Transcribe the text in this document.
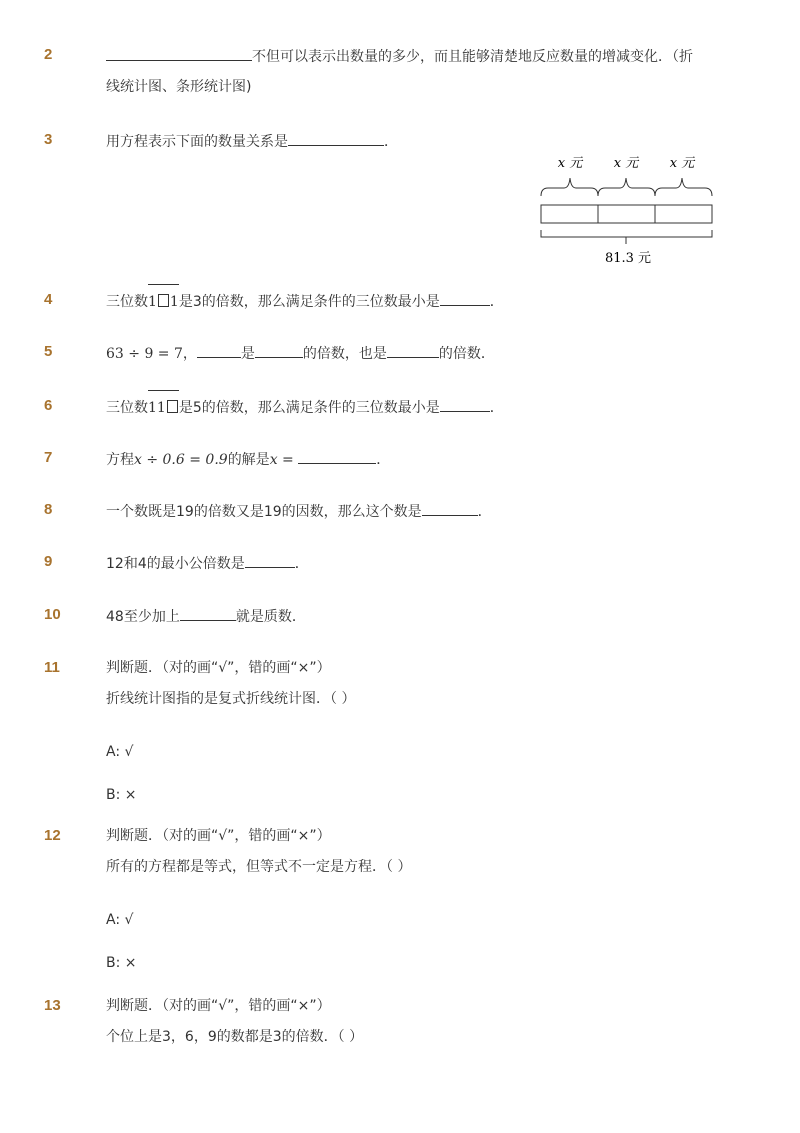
2	不但可以表示出数量的多少，而且能够清楚地反应数量的增减变化．（折
线统计图、条形统计图)
3	用方程表示下面的数量关系是	．
x 元 x 元 x 元
81.3 元
4	三位数1 1是3的倍数，那么满足条件的三位数最小是	．
5	63 ÷ 9 = 7，	是	的倍数，也是	的倍数．
6	三位数11 是5的倍数，那么满足条件的三位数最小是	．
7	方程x ÷ 0.6 = 0.9的解是x =	．
8	一个数既是19的倍数又是19的因数，那么这个数是	．
9	12和4的最小公倍数是	．
10	48至少加上	就是质数．
11	判断题．（对的画“√”，错的画“×”）
折线统计图指的是复式折线统计图．（ ）
A: √
B: ×
12	判断题．（对的画“√”，错的画“×”）
所有的方程都是等式，但等式不一定是方程．（ ）
A: √
B: ×
13	判断题．（对的画“√”，错的画“×”）
个位上是3，6，9的数都是3的倍数．（ ）
